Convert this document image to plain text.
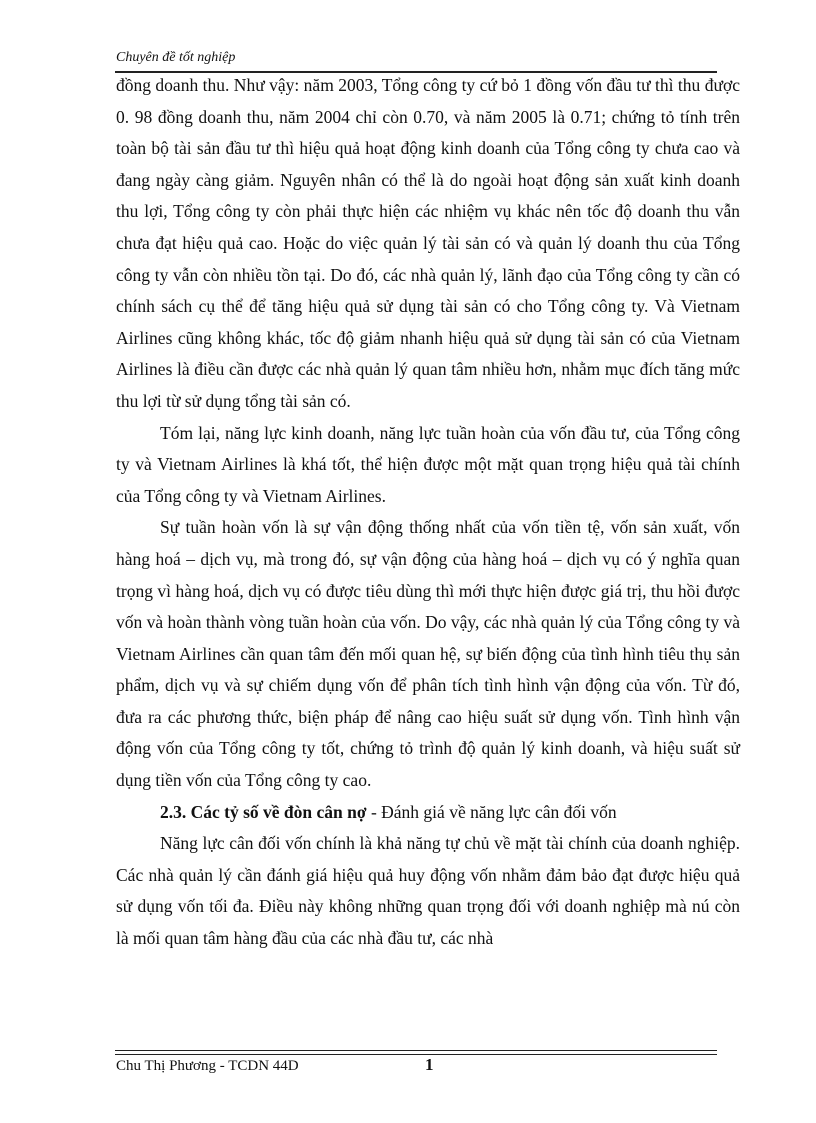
Chuyên đề tốt nghiệp

đồng doanh thu. Như vậy: năm 2003, Tổng công ty cứ bỏ 1 đồng vốn đầu tư thì thu được 0. 98 đồng doanh thu, năm 2004 chỉ còn 0.70, và năm 2005 là 0.71; chứng tỏ tính trên toàn bộ tài sản đầu tư thì hiệu quả hoạt động kinh doanh của Tổng công ty chưa cao và đang ngày càng giảm. Nguyên nhân có thể là do ngoài hoạt động sản xuất kinh doanh thu lợi, Tổng công ty còn phải thực hiện các nhiệm vụ khác nên tốc độ doanh thu vẫn chưa đạt hiệu quả cao. Hoặc do việc quản lý tài sản có và quản lý doanh thu của Tổng công ty vẫn còn nhiều tồn tại. Do đó, các nhà quản lý, lãnh đạo của Tổng công ty cần có chính sách cụ thể để tăng hiệu quả sử dụng tài sản có cho Tổng công ty. Và Vietnam Airlines cũng không khác, tốc độ giảm nhanh hiệu quả sử dụng tài sản có của Vietnam Airlines là điều cần được các nhà quản lý quan tâm nhiều hơn, nhằm mục đích tăng mức thu lợi từ sử dụng tổng tài sản có.

Tóm lại, năng lực kinh doanh, năng lực tuần hoàn của vốn đầu tư, của Tổng công ty và Vietnam Airlines là khá tốt, thể hiện được một mặt quan trọng hiệu quả tài chính của Tổng công ty và Vietnam Airlines.

Sự tuần hoàn vốn là sự vận động thống nhất của vốn tiền tệ, vốn sản xuất, vốn hàng hoá – dịch vụ, mà trong đó, sự vận động của hàng hoá – dịch vụ có ý nghĩa quan trọng vì hàng hoá, dịch vụ có được tiêu dùng thì mới thực hiện được giá trị, thu hồi được vốn và hoàn thành vòng tuần hoàn của vốn. Do vậy, các nhà quản lý của Tổng công ty và Vietnam Airlines cần quan tâm đến mối quan hệ, sự biến động của tình hình tiêu thụ sản phẩm, dịch vụ và sự chiếm dụng vốn để phân tích tình hình vận động của vốn. Từ đó, đưa ra các phương thức, biện pháp để nâng cao hiệu suất sử dụng vốn. Tình hình vận động vốn của Tổng công ty tốt, chứng tỏ trình độ quản lý kinh doanh, và hiệu suất sử dụng tiền vốn của Tổng công ty cao.

2.3. Các tỷ số về đòn cân nợ - Đánh giá về năng lực cân đối vốn

Năng lực cân đối vốn chính là khả năng tự chủ về mặt tài chính của doanh nghiệp. Các nhà quản lý cần đánh giá hiệu quả huy động vốn nhằm đảm bảo đạt được hiệu quả sử dụng vốn tối đa. Điều này không những quan trọng đối với doanh nghiệp mà nú còn là mối quan tâm hàng đầu của các nhà đầu tư, các nhà

Chu Thị Phương - TCDN 44D	1
